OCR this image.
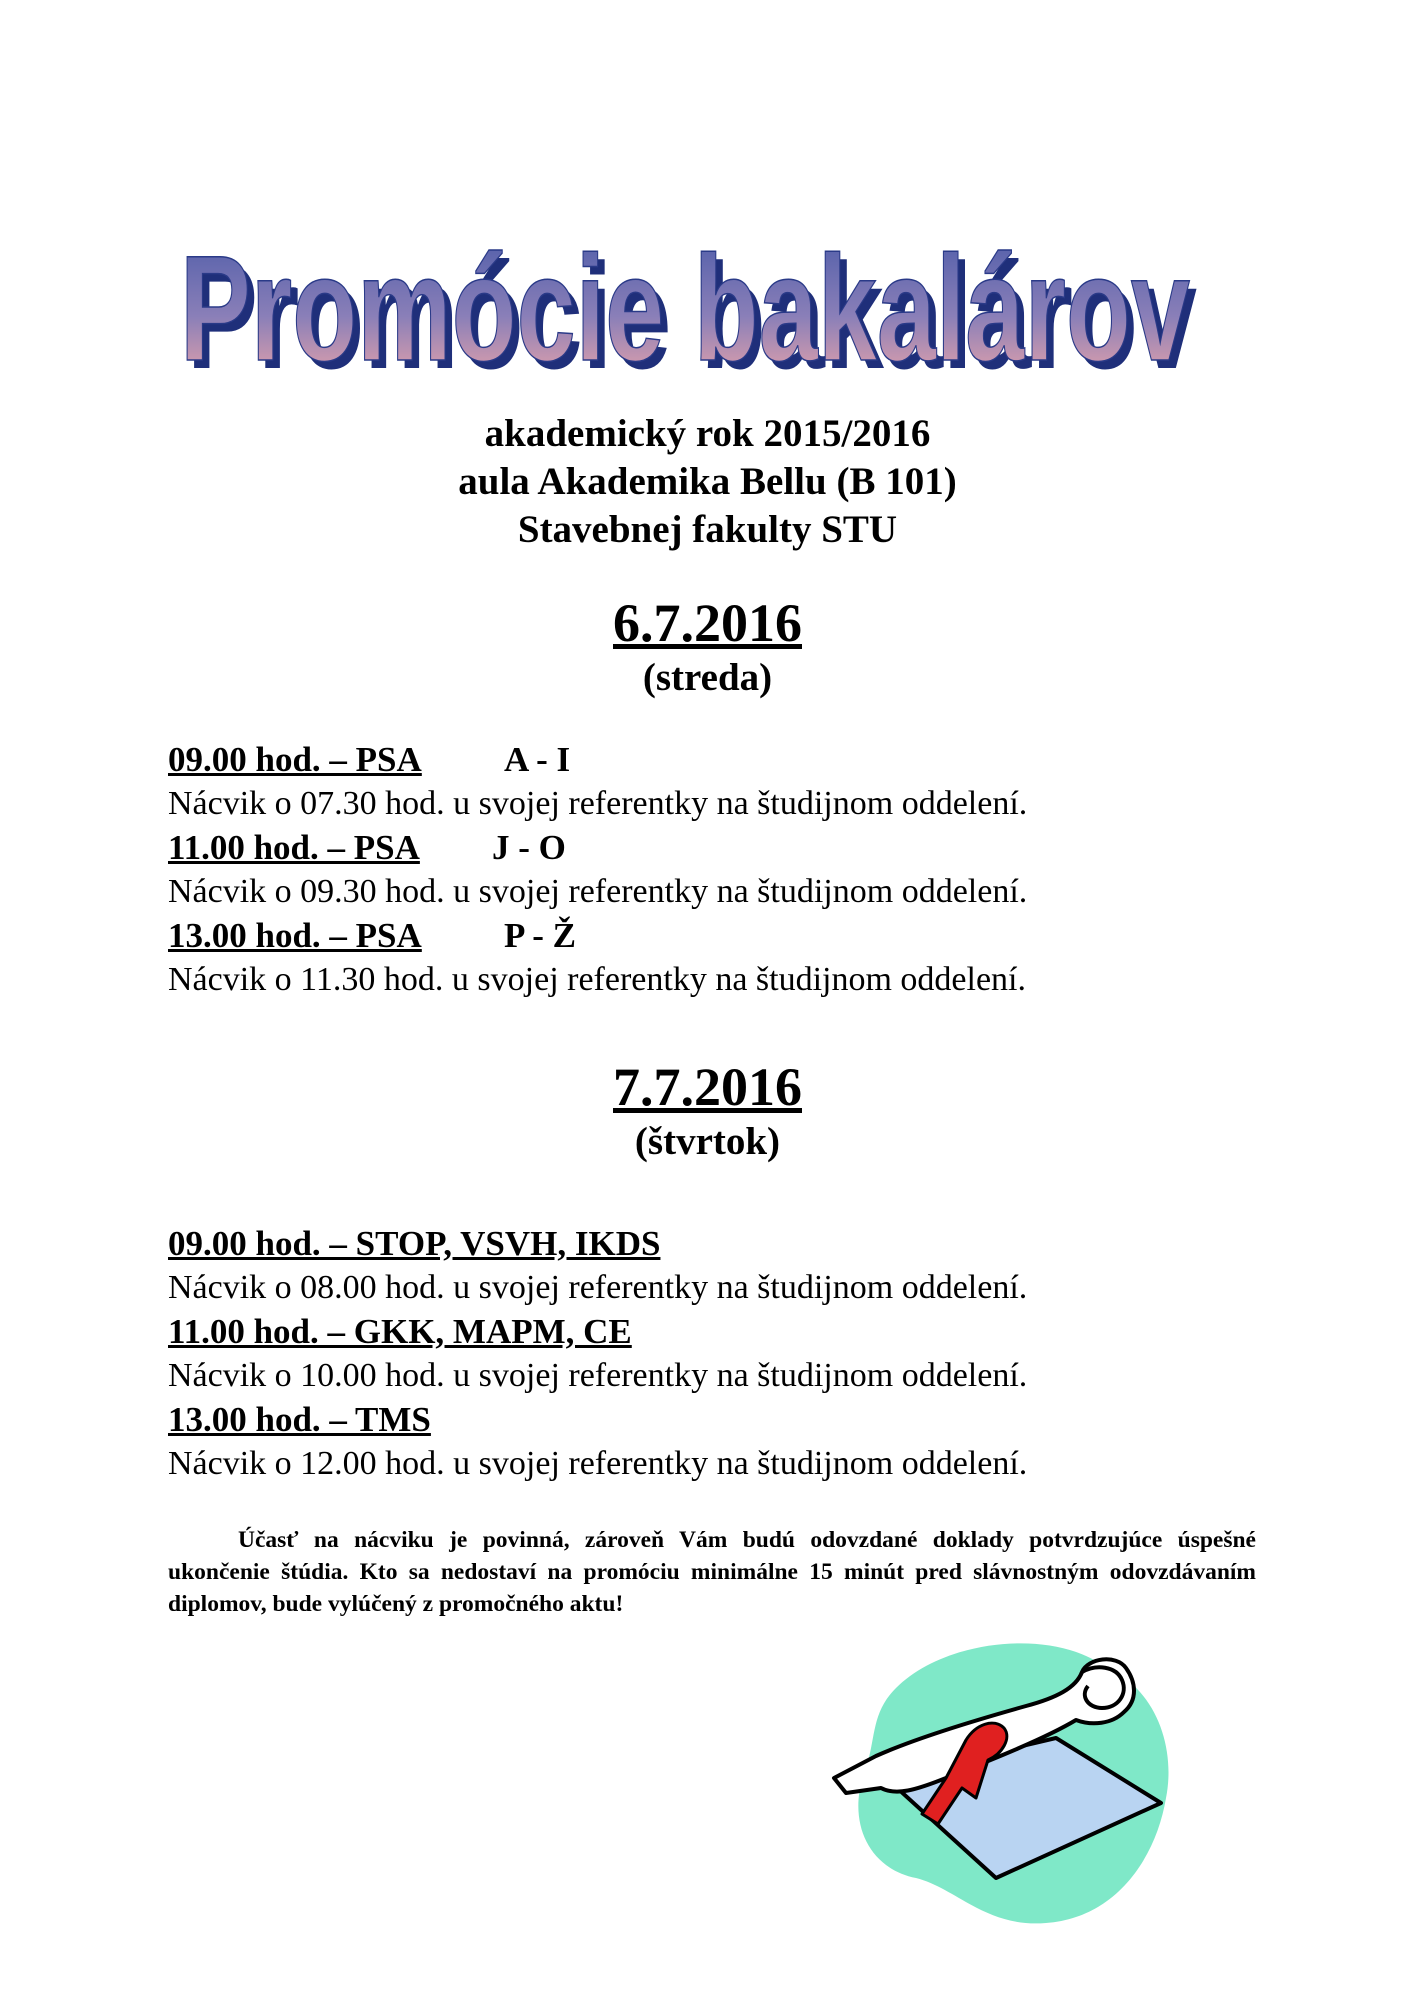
Promócie bakalárov
Promócie bakalárov

akademický rok 2015/2016

aula Akademika Bellu (B 101)

Stavebnej fakulty STU

6.7.2016
(streda)
09.00 hod. – PSA A - I
Nácvik o 07.30 hod. u svojej referentky na študijnom oddelení.
11.00 hod. – PSA J - O
Nácvik o 09.30 hod. u svojej referentky na študijnom oddelení.
13.00 hod. – PSA P - Ž
Nácvik o 11.30 hod. u svojej referentky na študijnom oddelení.
7.7.2016
(štvrtok)
09.00 hod. – STOP, VSVH, IKDS
Nácvik o 08.00 hod. u svojej referentky na študijnom oddelení.
11.00 hod. – GKK, MAPM, CE
Nácvik o 10.00 hod. u svojej referentky na študijnom oddelení.
13.00 hod. – TMS
Nácvik o 12.00 hod. u svojej referentky na študijnom oddelení.

Účasť na nácviku je povinná, zároveň Vám budú odovzdané doklady potvrdzujúce úspešné ukončenie štúdia. Kto sa nedostaví na promóciu minimálne 15 minút pred slávnostným odovzdávaním diplomov, bude vylúčený z promočného aktu!
